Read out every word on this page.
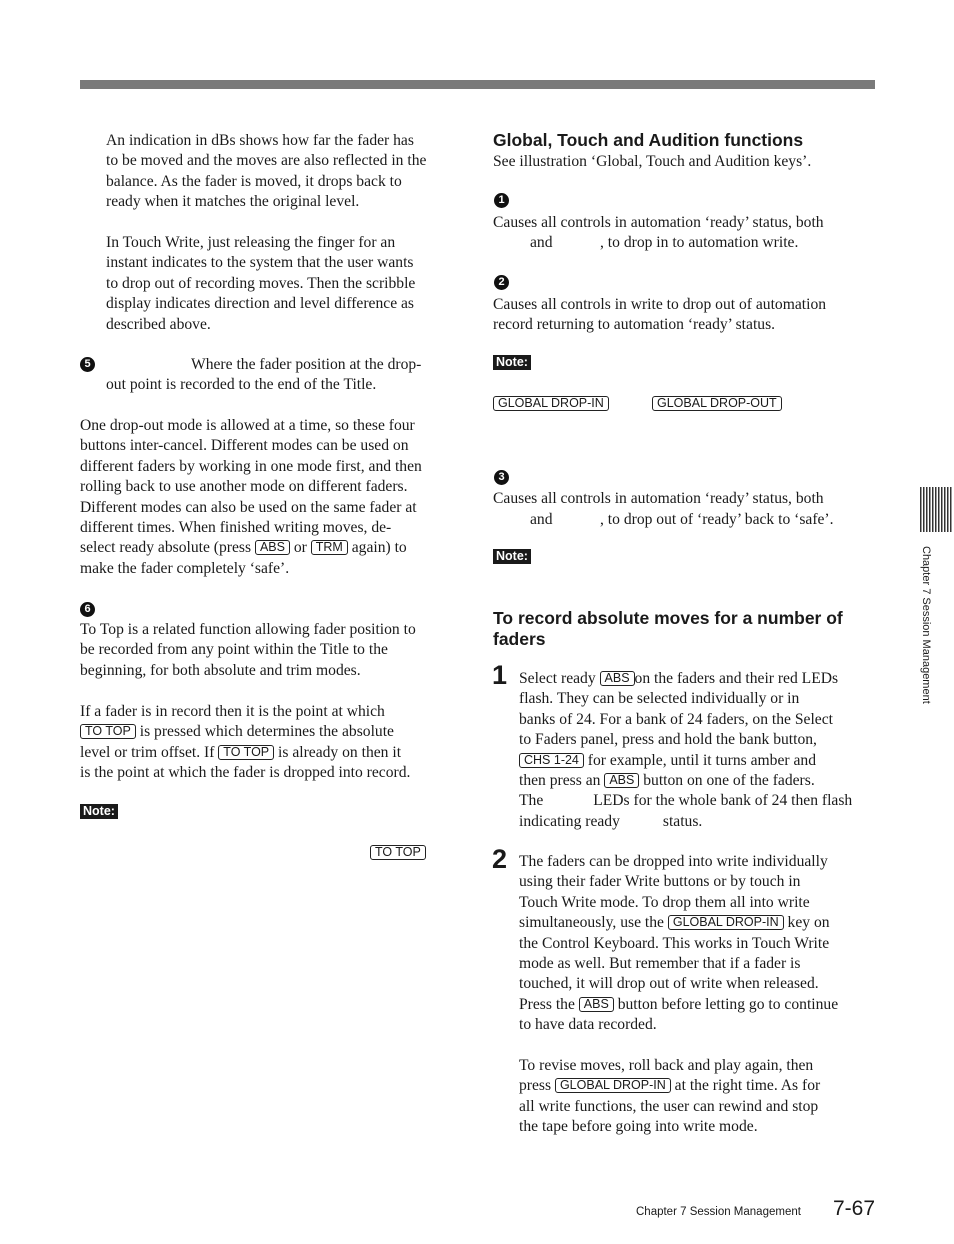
An indication in dBs shows how far the fader has
to be moved and the moves are also reflected in the
balance. As the fader is moved, it drops back to
ready when it matches the original level.
In Touch Write, just releasing the finger for an
instant indicates to the system that the user wants
to drop out of recording moves. Then the scribble
display indicates direction and level difference as
described above.
5	Where the fader position at the drop-
out point is recorded to the end of the Title.
One drop-out mode is allowed at a time, so these four
buttons inter-cancel. Different modes can be used on
different faders by working in one mode first, and then
rolling back to use another mode on different faders.
Different modes can also be used on the same fader at
different times. When finished writing moves, de-
select ready absolute (press ABS or TRM again) to
make the fader completely ‘safe’.
6
To Top is a related function allowing fader position to
be recorded from any point within the Title to the
beginning, for both absolute and trim modes.
If a fader is in record then it is the point at which
TO TOP is pressed which determines the absolute
level or trim offset. If TO TOP is already on then it
is the point at which the fader is dropped into record.
Note:
TO TOP
Global, Touch and Audition functions
See illustration ‘Global, Touch and Audition keys’.
1
Causes all controls in automation ‘ready’ status, both
and	, to drop in to automation write.
2
Causes all controls in write to drop out of automation
record returning to automation ‘ready’ status.
Note:
GLOBAL DROP-IN	GLOBAL DROP-OUT
3
Causes all controls in automation ‘ready’ status, both
and	, to drop out of ‘ready’ back to ‘safe’.
Note:
To record absolute moves for a number of
faders
1 Select ready ABS on the faders and their red LEDs
flash. They can be selected individually or in
banks of 24. For a bank of 24 faders, on the Select
to Faders panel, press and hold the bank button,
CHS 1-24 for example, until it turns amber and
then press an ABS button on one of the faders.
The	LEDs for the whole bank of 24 then flash
indicating ready	status.
2 The faders can be dropped into write individually
using their fader Write buttons or by touch in
Touch Write mode. To drop them all into write
simultaneously, use the GLOBAL DROP-IN key on
the Control Keyboard. This works in Touch Write
mode as well. But remember that if a fader is
touched, it will drop out of write when released.
Press the ABS button before letting go to continue
to have data recorded.
To revise moves, roll back and play again, then
press GLOBAL DROP-IN at the right time. As for
all write functions, the user can rewind and stop
the tape before going into write mode.
Chapter 7 Session Management
Chapter 7 Session Management 7-67
